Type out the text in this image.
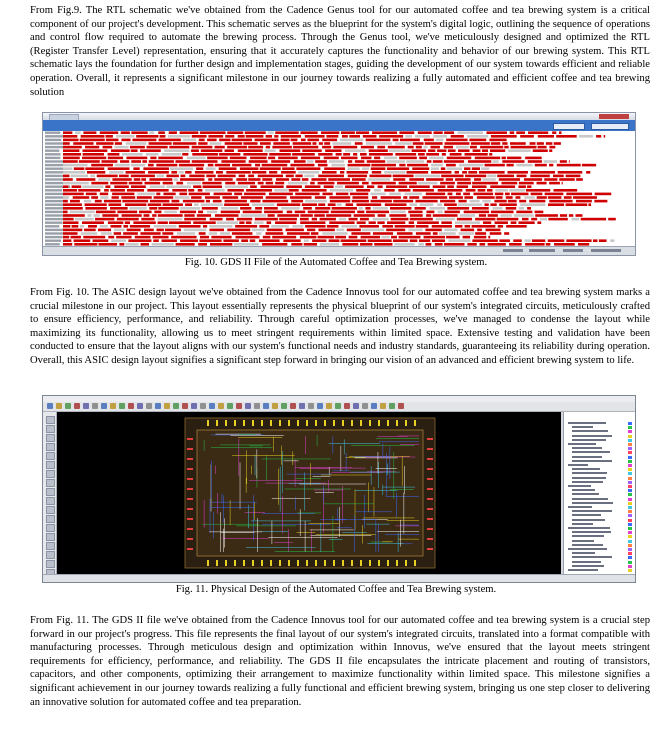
From Fig.9. The RTL schematic we've obtained from the Cadence Genus tool for our automated coffee and tea brewing system is a critical component of our project's development. This schematic serves as the blueprint for the system's digital logic, outlining the sequence of operations and control flow required to automate the brewing process. Through the Genus tool, we've meticulously designed and optimized the RTL (Register Transfer Level) representation, ensuring that it accurately captures the functionality and behavior of our brewing system. This RTL schematic lays the foundation for further design and implementation stages, guiding the development of our system towards efficient and reliable operation. Overall, it represents a significant milestone in our journey towards realizing a fully automated and efficient coffee and tea brewing solution

Fig. 10. GDS II File of the Automated Coffee and Tea Brewing system.

From Fig. 10. The ASIC design layout we've obtained from the Cadence Innovus tool for our automated coffee and tea brewing system marks a crucial milestone in our project. This layout essentially represents the physical blueprint of our system's integrated circuits, meticulously crafted to ensure efficiency, performance, and reliability. Through careful optimization processes, we've managed to condense the layout while maximizing its functionality, allowing us to meet stringent requirements within limited space. Extensive testing and validation have been conducted to ensure that the layout aligns with our system's functional needs and industry standards, guaranteeing its reliability during operation. Overall, this ASIC design layout signifies a significant step forward in bringing our vision of an advanced and efficient brewing system to life.

Fig. 11. Physical Design of the Automated Coffee and Tea Brewing system.

From Fig. 11. The GDS II file we've obtained from the Cadence Innovus tool for our automated coffee and tea brewing system is a crucial step forward in our project's progress. This file represents the final layout of our system's integrated circuits, translated into a format compatible with manufacturing processes. Through meticulous design and optimization within Innovus, we've ensured that the layout meets stringent requirements for efficiency, performance, and reliability. The GDS II file encapsulates the intricate placement and routing of transistors, capacitors, and other components, optimizing their arrangement to maximize functionality within limited space. This milestone signifies a significant achievement in our journey towards realizing a fully functional and efficient brewing system, bringing us one step closer to delivering an innovative solution for automated coffee and tea preparation.
